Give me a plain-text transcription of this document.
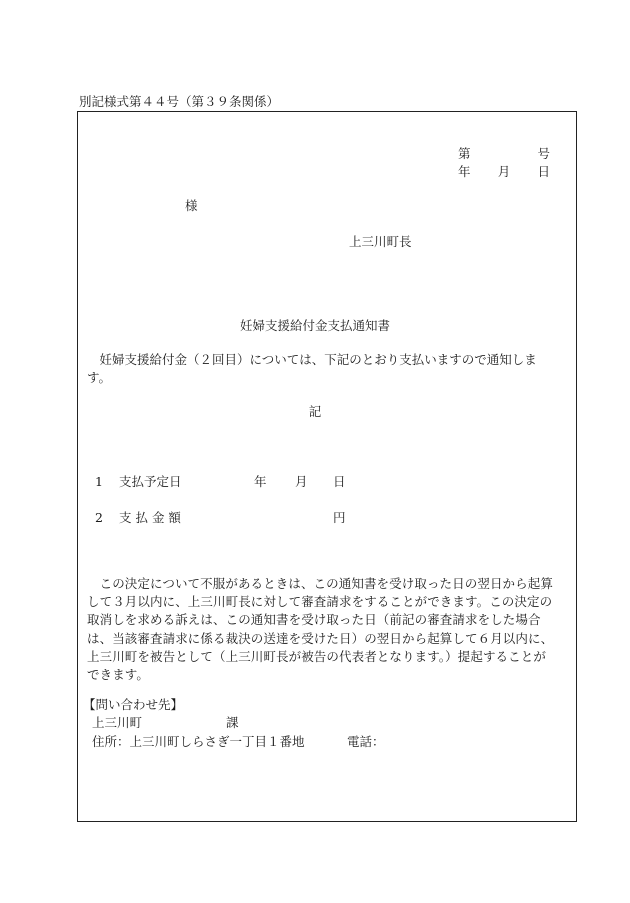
別記様式第４４号（第３９条関係）
第	号
年 月 日
様
上三川町長
妊婦支援給付金支払通知書
　妊婦支援給付金（２回目）については、下記のとおり支払いますので通知します。
記
1 支払予定日	年 月 日
2 支 払 金 額	円
　この決定について不服があるときは、この通知書を受け取った日の翌日から起算して３月以内に、上三川町長に対して審査請求をすることができます。この決定の取消しを求める訴えは、この通知書を受け取った日（前記の審査請求をした場合は、当該審査請求に係る裁決の送達を受けた日）の翌日から起算して６月以内に、上三川町を被告として（上三川町長が被告の代表者となります。）提起することができます。
【問い合わせ先】
上三川町	課
住所：上三川町しらさぎ一丁目１番地	電話：
